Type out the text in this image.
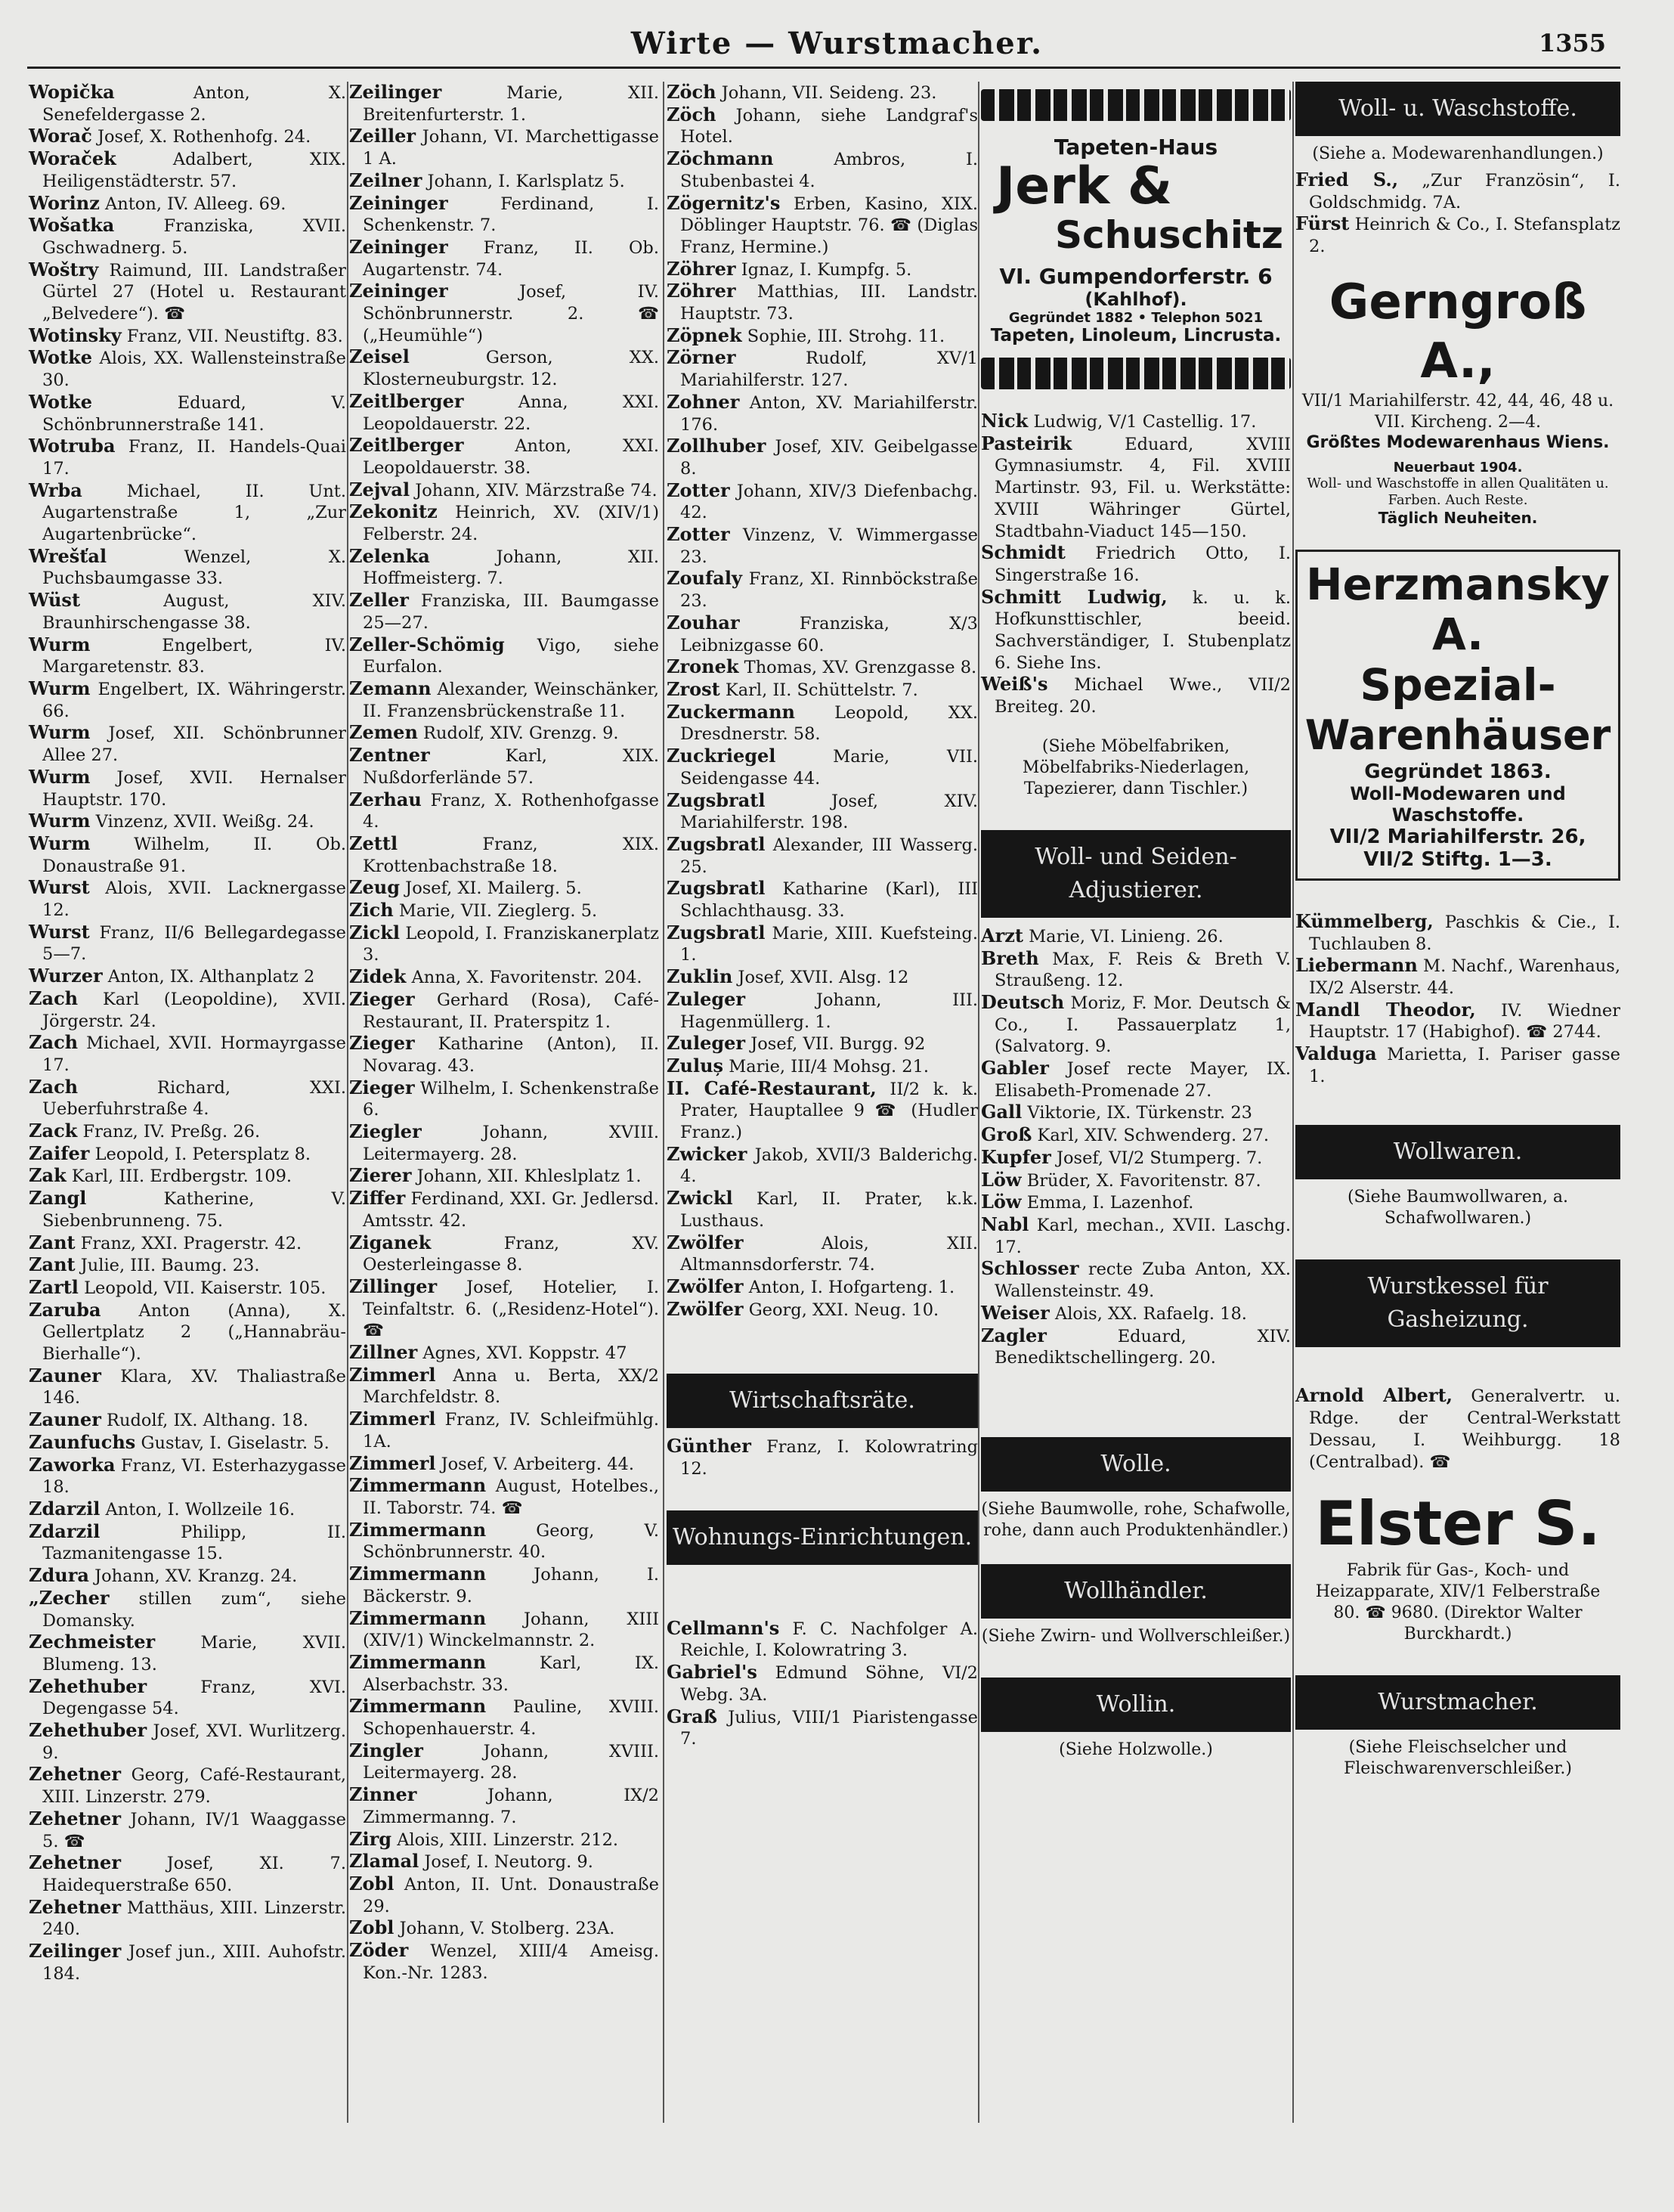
Wirte — Wurstmacher.	1355

Wopička Anton, X. Senefeldergasse 2.

Worač Josef, X. Rothenhofg. 24.

Woraček Adalbert, XIX. Heiligenstädterstr. 57.

Worinz Anton, IV. Alleeg. 69.

Wošatka Franziska, XVII. Gschwadnerg. 5.

Woštry Raimund, III. Landstraßer Gürtel 27 (Hotel u. Restaurant „Belvedere“). ☎

Wotinsky Franz, VII. Neustiftg. 83.

Wotke Alois, XX. Wallensteinstraße 30.

Wotke Eduard, V. Schönbrunnerstraße 141.

Wotruba Franz, II. Handels-Quai 17.

Wrba Michael, II. Unt. Augartenstraße 1, „Zur Augartenbrücke“.

Wrešťal Wenzel, X. Puchsbaumgasse 33.

Wüst August, XIV. Braunhirschengasse 38.

Wurm Engelbert, IV. Margaretenstr. 83.

Wurm Engelbert, IX. Währingerstr. 66.

Wurm Josef, XII. Schönbrunner Allee 27.

Wurm Josef, XVII. Hernalser Hauptstr. 170.

Wurm Vinzenz, XVII. Weißg. 24.

Wurm Wilhelm, II. Ob. Donaustraße 91.

Wurst Alois, XVII. Lacknergasse 12.

Wurst Franz, II/6 Bellegardegasse 5—7.

Wurzer Anton, IX. Althanplatz 2

Zach Karl (Leopoldine), XVII. Jörgerstr. 24.

Zach Michael, XVII. Hormayrgasse 17.

Zach Richard, XXI. Ueberfuhrstraße 4.

Zack Franz, IV. Preßg. 26.

Zaifer Leopold, I. Petersplatz 8.

Zak Karl, III. Erdbergstr. 109.

Zangl Katherine, V. Siebenbrunneng. 75.

Zant Franz, XXI. Pragerstr. 42.

Zant Julie, III. Baumg. 23.

Zartl Leopold, VII. Kaiserstr. 105.

Zaruba Anton (Anna), X. Gellertplatz 2 („Hannabräu-Bierhalle“).

Zauner Klara, XV. Thaliastraße 146.

Zauner Rudolf, IX. Althang. 18.

Zaunfuchs Gustav, I. Giselastr. 5.

Zaworka Franz, VI. Esterhazygasse 18.

Zdarzil Anton, I. Wollzeile 16.

Zdarzil Philipp, II. Tazmanitengasse 15.

Zdura Johann, XV. Kranzg. 24.

„Zecher stillen zum“, siehe Domansky.

Zechmeister Marie, XVII. Blumeng. 13.

Zehethuber Franz, XVI. Degengasse 54.

Zehethuber Josef, XVI. Wurlitzerg. 9.

Zehetner Georg, Café-Restaurant, XIII. Linzerstr. 279.

Zehetner Johann, IV/1 Waaggasse 5. ☎

Zehetner Josef, XI. 7. Haidequerstraße 650.

Zehetner Matthäus, XIII. Linzerstr. 240.

Zeilinger Josef jun., XIII. Auhofstr. 184.

Zeilinger Marie, XII. Breitenfurterstr. 1.

Zeiller Johann, VI. Marchettigasse 1 A.

Zeilner Johann, I. Karlsplatz 5.

Zeininger Ferdinand, I. Schenkenstr. 7.

Zeininger Franz, II. Ob. Augartenstr. 74.

Zeininger Josef, IV. Schönbrunnerstr. 2. ☎ („Heumühle“)

Zeisel Gerson, XX. Klosterneuburgstr. 12.

Zeitlberger Anna, XXI. Leopoldauerstr. 22.

Zeitlberger Anton, XXI. Leopoldauerstr. 38.

Zejval Johann, XIV. Märzstraße 74.

Zekonitz Heinrich, XV. (XIV/1) Felberstr. 24.

Zelenka Johann, XII. Hoffmeisterg. 7.

Zeller Franziska, III. Baumgasse 25—27.

Zeller-Schömig Vigo, siehe Eurfalon.

Zemann Alexander, Weinschänker, II. Franzensbrückenstraße 11.

Zemen Rudolf, XIV. Grenzg. 9.

Zentner Karl, XIX. Nußdorferlände 57.

Zerhau Franz, X. Rothenhofgasse 4.

Zettl Franz, XIX. Krottenbachstraße 18.

Zeug Josef, XI. Mailerg. 5.

Zich Marie, VII. Zieglerg. 5.

Zickl Leopold, I. Franziskanerplatz 3.

Zidek Anna, X. Favoritenstr. 204.

Zieger Gerhard (Rosa), Café-Restaurant, II. Praterspitz 1.

Zieger Katharine (Anton), II. Novarag. 43.

Zieger Wilhelm, I. Schenkenstraße 6.

Ziegler Johann, XVIII. Leitermayerg. 28.

Zierer Johann, XII. Khleslplatz 1.

Ziffer Ferdinand, XXI. Gr. Jedlersd. Amtsstr. 42.

Ziganek Franz, XV. Oesterleingasse 8.

Zillinger Josef, Hotelier, I. Teinfaltstr. 6. („Residenz-Hotel“). ☎

Zillner Agnes, XVI. Koppstr. 47

Zimmerl Anna u. Berta, XX/2 Marchfeldstr. 8.

Zimmerl Franz, IV. Schleifmühlg. 1A.

Zimmerl Josef, V. Arbeiterg. 44.

Zimmermann August, Hotelbes., II. Taborstr. 74. ☎

Zimmermann Georg, V. Schönbrunnerstr. 40.

Zimmermann Johann, I. Bäckerstr. 9.

Zimmermann Johann, XIII (XIV/1) Winckelmannstr. 2.

Zimmermann Karl, IX. Alserbachstr. 33.

Zimmermann Pauline, XVIII. Schopenhauerstr. 4.

Zingler Johann, XVIII. Leitermayerg. 28.

Zinner Johann, IX/2 Zimmermanng. 7.

Zirg Alois, XIII. Linzerstr. 212.

Zlamal Josef, I. Neutorg. 9.

Zobl Anton, II. Unt. Donaustraße 29.

Zobl Johann, V. Stolberg. 23A.

Zöder Wenzel, XIII/4 Ameisg. Kon.-Nr. 1283.

Zöch Johann, VII. Seideng. 23.

Zöch Johann, siehe Landgraf's Hotel.

Zöchmann Ambros, I. Stubenbastei 4.

Zögernitz's Erben, Kasino, XIX. Döblinger Hauptstr. 76. ☎ (Diglas Franz, Hermine.)

Zöhrer Ignaz, I. Kumpfg. 5.

Zöhrer Matthias, III. Landstr. Hauptstr. 73.

Zöpnek Sophie, III. Strohg. 11.

Zörner Rudolf, XV/1 Mariahilferstr. 127.

Zohner Anton, XV. Mariahilferstr. 176.

Zollhuber Josef, XIV. Geibelgasse 8.

Zotter Johann, XIV/3 Diefenbachg. 42.

Zotter Vinzenz, V. Wimmergasse 23.

Zoufaly Franz, XI. Rinnböckstraße 23.

Zouhar Franziska, X/3 Leibnizgasse 60.

Zronek Thomas, XV. Grenzgasse 8.

Zrost Karl, II. Schüttelstr. 7.

Zuckermann Leopold, XX. Dresdnerstr. 58.

Zuckriegel Marie, VII. Seidengasse 44.

Zugsbratl Josef, XIV. Mariahilferstr. 198.

Zugsbratl Alexander, III Wasserg. 25.

Zugsbratl Katharine (Karl), III Schlachthausg. 33.

Zugsbratl Marie, XIII. Kuefsteing. 1.

Zuklin Josef, XVII. Alsg. 12

Zuleger Johann, III. Hagenmüllerg. 1.

Zuleger Josef, VII. Burgg. 92

Zuluș Marie, III/4 Mohsg. 21.

II. Café-Restaurant, II/2 k. k. Prater, Hauptallee 9 ☎ (Hudler Franz.)

Zwicker Jakob, XVII/3 Balderichg. 4.

Zwickl Karl, II. Prater, k.k. Lusthaus.

Zwölfer Alois, XII. Altmannsdorferstr. 74.

Zwölfer Anton, I. Hofgarteng. 1.

Zwölfer Georg, XXI. Neug. 10.

Wirtschaftsräte.

Günther Franz, I. Kolowratring 12.

Wohnungs-Einrichtungen.

Cellmann's F. C. Nachfolger A. Reichle, I. Kolowratring 3.

Gabriel's Edmund Söhne, VI/2 Webg. 3A.

Graß Julius, VIII/1 Piaristengasse 7.

Tapeten-Haus
Jerk &
Schuschitz
VI. Gumpendorferstr. 6
(Kahlhof).
Gegründet 1882 • Telephon 5021
Tapeten, Linoleum, Lincrusta.

Nick Ludwig, V/1 Castellig. 17.

Pasteirik Eduard, XVIII Gymnasiumstr. 4, Fil. XVIII Martinstr. 93, Fil. u. Werkstätte: XVIII Währinger Gürtel, Stadtbahn-Viaduct 145—150.

Schmidt Friedrich Otto, I. Singerstraße 16.

Schmitt Ludwig, k. u. k. Hofkunsttischler, beeid. Sachverständiger, I. Stubenplatz 6. Siehe Ins.

Weiß's Michael Wwe., VII/2 Breiteg. 20.

(Siehe Möbelfabriken, Möbelfabriks-Niederlagen, Tapezierer, dann Tischler.)
Woll- und Seiden-Adjustierer.

Arzt Marie, VI. Linieng. 26.

Breth Max, F. Reis & Breth V. Straußeng. 12.

Deutsch Moriz, F. Mor. Deutsch & Co., I. Passauerplatz 1, (Salvatorg. 9.

Gabler Josef recte Mayer, IX. Elisabeth-Promenade 27.

Gall Viktorie, IX. Türkenstr. 23

Groß Karl, XIV. Schwenderg. 27.

Kupfer Josef, VI/2 Stumperg. 7.

Löw Brüder, X. Favoritenstr. 87.

Löw Emma, I. Lazenhof.

Nabl Karl, mechan., XVII. Laschg. 17.

Schlosser recte Zuba Anton, XX. Wallensteinstr. 49.

Weiser Alois, XX. Rafaelg. 18.

Zagler Eduard, XIV. Benediktschellingerg. 20.

Wolle.
(Siehe Baumwolle, rohe, Schafwolle, rohe, dann auch Produktenhändler.)
Wollhändler.
(Siehe Zwirn- und Wollverschleißer.)
Wollin.
(Siehe Holzwolle.)
Woll- u. Waschstoffe.
(Siehe a. Modewarenhandlungen.)

Fried S., „Zur Französin“, I. Goldschmidg. 7A.

Fürst Heinrich & Co., I. Stefansplatz 2.

Gerngroß A.,
VII/1 Mariahilferstr. 42, 44, 46, 48 u. VII. Kircheng. 2—4.
Größtes Modewarenhaus Wiens.
Neuerbaut 1904.
Woll- und Waschstoffe in allen Qualitäten u. Farben. Auch Reste.
Täglich Neuheiten.
Herzmansky A.
Spezial-
Warenhäuser
Gegründet 1863.
Woll-Modewaren und Waschstoffe.
VII/2 Mariahilferstr. 26,
VII/2 Stiftg. 1—3.

Kümmelberg, Paschkis & Cie., I. Tuchlauben 8.

Liebermann M. Nachf., Warenhaus, IX/2 Alserstr. 44.

Mandl Theodor, IV. Wiedner Hauptstr. 17 (Habighof). ☎ 2744.

Valduga Marietta, I. Pariser gasse 1.

Wollwaren.
(Siehe Baumwollwaren, a. Schafwollwaren.)
Wurstkessel für Gasheizung.

Arnold Albert, Generalvertr. u. Rdge. der Central-Werkstatt Dessau, I. Weihburgg. 18 (Centralbad). ☎

Elster S.
Fabrik für Gas-, Koch- und Heizapparate, XIV/1 Felberstraße 80. ☎ 9680. (Direktor Walter Burckhardt.)
Wurstmacher.
(Siehe Fleischselcher und Fleischwarenverschleißer.)
